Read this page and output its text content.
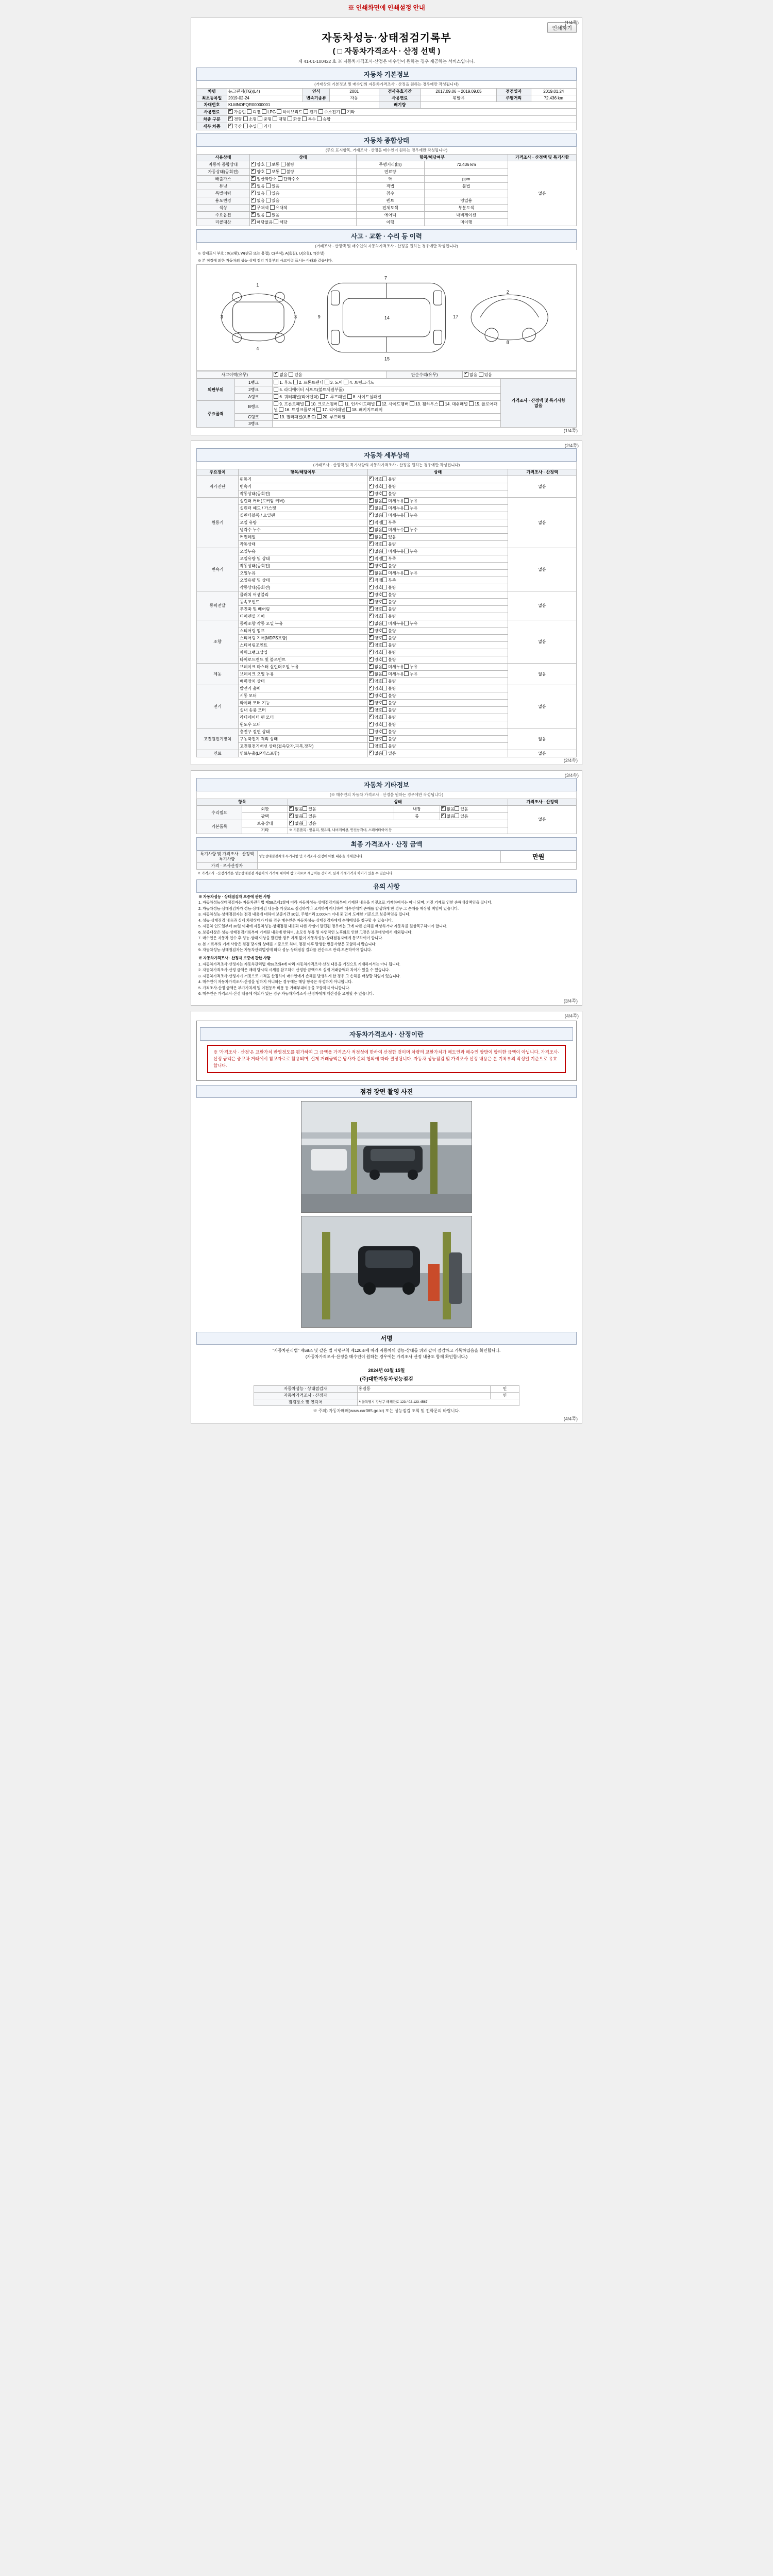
※ 인쇄화면에 인쇄설정 안내
인쇄하기
(1/4쪽)
자동차성능·상태점검기록부
( □ 자동차가격조사 · 산정 선택 )
제 41-01-100422 호 ※ 자동차가격조사·산정은 매수인이 원하는 경우 제공하는 서비스입니다.
자동차 기본정보
(거래상의 기본정보 및 매수인의 자동차가격조사 · 산정을 원하는 경우에만 작성됩니다)
차명	뉴그랜저(TG)(L4)	연식	2001	검사유효기간	2017.09.06 ~ 2019.09.05	점검일자	2019.01.24
최초등록일	2019-02-24	변속기종류	자동	사용연료	휘발유	주행거리	72,436 km
차대번호	KLMNOPQR00000001			배기량			
사용연료	✔가솔린 디젤 LPG 하이브리드 전기 수소전기 기타
차종 구분	✔경형 소형 중형 대형 화물 특수 승합
세부 차종	✔국산 수입 기타
자동차 종합상태
(주요 표시항목, 거래조사 · 산정을 매수인이 원하는 경우에만 작성됩니다)
사용상태	상태	항목/해당여부		가격조사 · 산정액 및 특기사항
자동차 종합상태	✔양호 보통 불량	주행거리(㎞)	72,436 km	없음
가동상태(공회전)	✔양호 보통 불량	연료량		
배출가스	✔일산화탄소 탄화수소	%	ppm	
튜닝	✔없음 있음	적법	불법	
특별이력	✔없음 있음	침수		
용도변경	✔없음 있음	렌트	영업용	
색상	✔무채색 유채색	전체도색	부분도색	
주요옵션	✔없음 있음	에어백	내비게이션	
리콜대상	✔해당없음 해당	이행	미이행	
사고 · 교환 · 수리 등 이력
(거래조사 · 산정액 및 매수인의 자동차가격조사 · 산정을 원하는 경우에만 작성됩니다)
※ 상태표시 부호 : X(교환), W(판금 또는 용접), C(부식), A(흠집), U(요철), T(손상)
※ 본 점검에 의한 자동차의 성능·상태 점검 기록부의 사고이력 표시는 아래와 같습니다.
1
4
3	3
7
15
9	17
14
2
8
사고이력(유무)	✔없음 있음	단순수리(유무)	✔없음 있음
외판부위	1랭크	1. 후드 2. 프론트펜더 3. 도어 4. 트렁크리드	가격조사 · 산정액 및 특기사항
없음

	2랭크	5. 라디에이터 서포트(볼트체결부품)	
	A랭크	6. 쿼터패널(리어펜더) 7. 루프패널 8. 사이드실패널	
주요골격	B랭크	9. 프론트패널 10. 크로스멤버 11. 인사이드패널 12. 사이드멤버 13. 휠하우스 14. 대쉬패널 15. 플로어패널 16. 트렁크플로어 17. 리어패널 18. 패키지트레이	
	C랭크	19. 필러패널(A,B,C) 20. 루프레일	
	3랭크		
(1/4쪽)
(2/4쪽)
자동차 세부상태
(거래조사 · 산정액 및 특기사항의 자동차가격조사 · 산정을 원하는 경우에만 작성됩니다)
주요장치	항목/해당여부	상태	가격조사 · 산정액
자가진단	원동기	✔양호 불량	없음
	변속기	✔양호 불량
	작동상태(공회전)	✔양호 불량
원동기	실린더 커버(로커암 커버)	✔없음 미세누유 누유	없음
	실린더 헤드 / 가스켓	✔없음 미세누유 누유
	실린더블록 / 오일팬	✔없음 미세누유 누유
	오일 유량	✔적정 부족
	냉각수 누수	✔없음 미세누수 누수
	커먼레일	✔없음 있음
	작동상태	✔양호 불량
변속기	오일누유	✔없음 미세누유 누유	없음
	오일유량 및 상태	✔적정 부족
	작동상태(공회전)	✔양호 불량
	오일누유	✔없음 미세누유 누유
	오일유량 및 상태	✔적정 부족
	작동상태(공회전)	✔양호 불량
동력전달	클러치 어셈블리	✔양호 불량	없음
	등속조인트	✔양호 불량
	추진축 및 베어링	✔양호 불량
	디퍼렌셜 기어	✔양호 불량
조향	동력조향 작동 오일 누유	✔없음 미세누유 누유	없음
	스티어링 펌프	✔양호 불량
	스티어링 기어(MDPS포함)	✔양호 불량
	스티어링조인트	✔양호 불량
	파워크랭크삽입	✔양호 불량
	타이로드엔드 및 볼조인트	✔양호 불량
제동	브레이크 마스터 실린더오일 누유	✔없음 미세누유 누유	없음
	브레이크 오일 누유	✔없음 미세누유 누유
	배력장치 상태	✔양호 불량
전기	발전기 출력	✔양호 불량	없음
	시동 모터	✔양호 불량
	와이퍼 모터 기능	✔양호 불량
	실내 송풍 모터	✔양호 불량
	라디에이터 팬 모터	✔양호 불량
	윈도우 모터	✔양호 불량
고전원전기장치	충전구 절연 상태	양호 불량	없음
	구동축전지 격리 상태	양호 불량	
	고전원전기배선 상태(접속단자,피복,장착)	양호 불량	
연료	연료누출(LP가스포함)	✔없음 있음	없음
(2/4쪽)
(3/4쪽)
자동차 기타정보
(※ 매수인의 자동차 가격조사 · 산정을 원하는 경우에만 작성됩니다)
항목		상태			가격조사 · 산정액
수리필요	외판	✔없음 있음	내장	✔없음 있음	없음
	광택	✔없음 있음	룸	✔없음 있음
기본품목	보유상태	✔없음 있음
	기타	※ 기본품목 : 앞유리, 뒷유리, 내비게이션, 안전삼각대, 스페어타이어 등			
최종 가격조사 · 산정 금액
특기사항 및 가격조사 · 산정액 특기사항	성능상태점검자의 특기사항 및 가격조사·산정에 대한 내용을 기재합니다.	만원
가격 · 조사산정자		
※ 가격조사 · 산정가격은 성능상태점검 자동차의 가격에 대하여 참고자료로 제공하는 것이며, 실제 거래가격과 차이가 있을 수 있습니다.
유의 사항

※ 자동차성능 · 상태점검자 보증에 관한 사항

1. 자동차성능상태점검자는 자동차관리법 제58조제1항에 따라 자동차성능·상태점검기록부에 기재된 내용을 거짓으로 기재하여서는 아니 되며, 거짓 기재로 인한 손해배상책임을 집니다.

2. 자동차성능·상태점검자가 성능·상태점검 내용을 거짓으로 점검하거나 고지하지 아니하여 매수인에게 손해를 발생하게 한 경우 그 손해를 배상할 책임이 있습니다.

3. 자동차성능·상태점검자는 점검 내용에 대하여 보증기간 30일, 주행거리 2,000km 이내 중 먼저 도래한 기준으로 보증책임을 집니다.

4. 성능·상태점검 내용과 실제 차량상태가 다를 경우 매수인은 자동차성능·상태점검자에게 손해배상을 청구할 수 있습니다.

5. 자동차 인도일부터 30일 이내에 자동차성능·상태점검 내용과 다른 사실이 발견된 경우에는 그에 따른 손해를 배상하거나 자동차를 원상복구하여야 합니다.

6. 보증대상은 성능·상태점검기록부에 기재된 내용에 한하며, 소모성 부품 및 자연적인 노후화로 인한 고장은 보증대상에서 제외됩니다.

7. 매수인은 자동차 인수 후 성능·상태 이상을 발견한 경우 지체 없이 자동차성능·상태점검자에게 통보하여야 합니다.

8. 본 기록부의 기재 사항은 점검 당시의 상태를 기준으로 하며, 점검 이후 발생한 변동사항은 포함하지 않습니다.

9. 자동차성능·상태점검자는 자동차관리법령에 따라 성능·상태점검 결과를 전산으로 관리·보존하여야 합니다.

※ 자동차가격조사 · 산정자 보증에 관한 사항

1. 자동차가격조사·산정자는 자동차관리법 제58조의4에 따라 자동차가격조사·산정 내용을 거짓으로 기재하여서는 아니 됩니다.

2. 자동차가격조사·산정 금액은 매매 당시의 시세를 참고하여 산정한 금액으로 실제 거래금액과 차이가 있을 수 있습니다.

3. 자동차가격조사·산정자가 거짓으로 가격을 산정하여 매수인에게 손해를 발생하게 한 경우 그 손해를 배상할 책임이 있습니다.

4. 매수인이 자동차가격조사·산정을 원하지 아니하는 경우에는 해당 항목은 작성하지 아니합니다.

5. 가격조사·산정 금액은 부가가치세 및 이전등록 비용 등 거래부대비용을 포함하지 아니합니다.

6. 매수인은 가격조사·산정 내용에 이의가 있는 경우 자동차가격조사·산정자에게 재산정을 요청할 수 있습니다.

(3/4쪽)
(4/4쪽)
자동차가격조사 · 산정이란
※ '가격조사 · 산정'은 교환가치 반영정도를 평가하여 그 금액을 가격조사 적정성에 한하여 산정한 것이며 차량의 교환가치가 매도인과 매수인 쌍방이 합의한 금액이 아닙니다. 가격조사·산정 금액은 중고차 거래에서 참고자료로 활용되며, 실제 거래금액은 당사자 간의 협의에 따라 결정됩니다. 자동차 성능점검 및 가격조사·산정 내용은 본 기록부의 작성일 기준으로 유효합니다.
점검 장면 촬영 사진
서명
"자동차관리법" 제58조 및 같은 법 시행규칙 제120조에 따라 자동차의 성능·상태를 위와 같이 점검하고 기록하였음을 확인합니다.
(자동차가격조사·산정을 매수인이 원하는 경우에는 가격조사·산정 내용도 함께 확인합니다.)
2024년 03월 15일
(주)대한자동차성능점검
자동차성능 · 상태점검자	홍길동	인
자동차가격조사 · 산정자		인
점검장소 및 연락처	서울특별시 강남구 테헤란로 123 / 02-123-4567	
※ 주의) 자동차매매(www.car365.go.kr) 또는 성능점검 조회 및 전화문의 바랍니다.
(4/4쪽)
